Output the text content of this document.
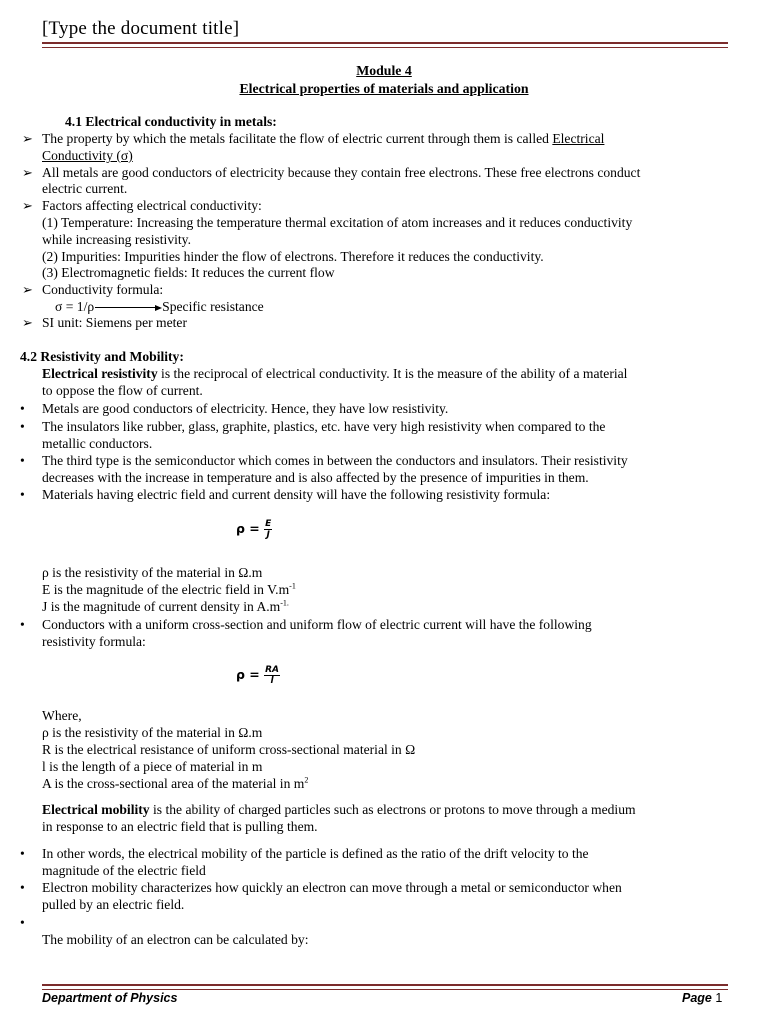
[Type the document title]
Module 4
Electrical properties of materials and application
4.1 Electrical conductivity in metals:
➢ The property by which the metals facilitate the flow of electric current through them is called Electrical
Conductivity (σ)
➢ All metals are good conductors of electricity because they contain free electrons. These free electrons conduct
electric current.
➢ Factors affecting electrical conductivity:
(1) Temperature: Increasing the temperature thermal excitation of atom increases and it reduces conductivity
while increasing resistivity.
(2) Impurities: Impurities hinder the flow of electrons. Therefore it reduces the conductivity.
(3) Electromagnetic fields: It reduces the current flow
➢ Conductivity formula:
σ = 1/ρ	Specific resistance
➢ SI unit: Siemens per meter
4.2 Resistivity and Mobility:
Electrical resistivity is the reciprocal of electrical conductivity. It is the measure of the ability of a material
to oppose the flow of current.
• Metals are good conductors of electricity. Hence, they have low resistivity.
• The insulators like rubber, glass, graphite, plastics, etc. have very high resistivity when compared to the
metallic conductors.
• The third type is the semiconductor which comes in between the conductors and insulators. Their resistivity
decreases with the increase in temperature and is also affected by the presence of impurities in them.
• Materials having electric field and current density will have the following resistivity formula:
$\rho = \frac{E}{J}$
ρ is the resistivity of the material in Ω.m
E is the magnitude of the electric field in $V.m^{-1}$
J is the magnitude of current density in $A.m^{-1.}$
• Conductors with a uniform cross-section and uniform flow of electric current will have the following
resistivity formula:
$\rho = \frac{RA}{l}$
Where,
ρ is the resistivity of the material in Ω.m
R is the electrical resistance of uniform cross-sectional material in Ω
l is the length of a piece of material in m
A is the cross-sectional area of the material in $m^2$
Electrical mobility is the ability of charged particles such as electrons or protons to move through a medium
in response to an electric field that is pulling them.
• In other words, the electrical mobility of the particle is defined as the ratio of the drift velocity to the
magnitude of the electric field
• Electron mobility characterizes how quickly an electron can move through a metal or semiconductor when
pulled by an electric field.
•
The mobility of an electron can be calculated by:
Department of Physics	Page 1
